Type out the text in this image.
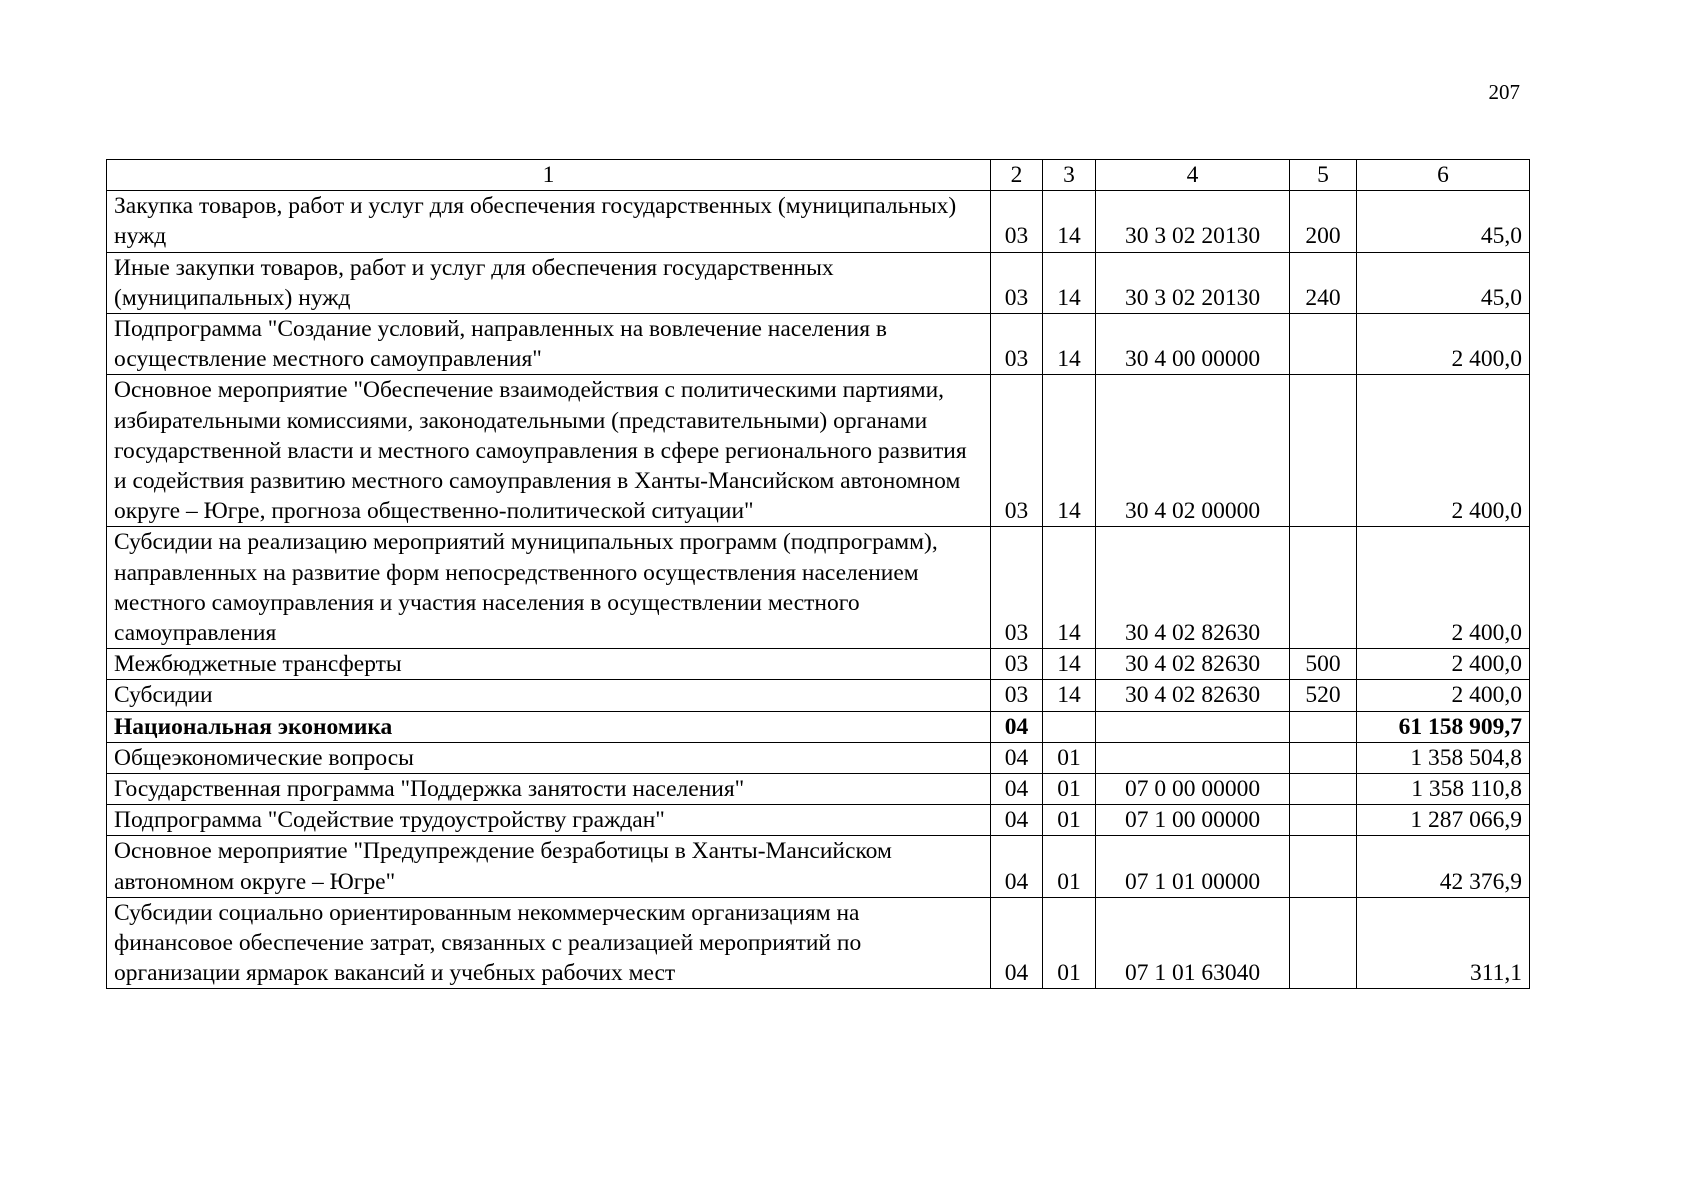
207
1	2	3	4	5	6
Закупка товаров, работ и услуг для обеспечения государственных (муниципальных) нужд	03	14	30 3 02 20130	200	45,0
Иные закупки товаров, работ и услуг для обеспечения государственных (муниципальных) нужд	03	14	30 3 02 20130	240	45,0
Подпрограмма "Создание условий, направленных на вовлечение населения в осуществление местного самоуправления"	03	14	30 4 00 00000		2 400,0
Основное мероприятие "Обеспечение взаимодействия с политическими партиями, избирательными комиссиями, законодательными (представительными) органами государственной власти и местного самоуправления в сфере регионального развития и содействия развитию местного самоуправления в Ханты-Мансийском автономном округе – Югре, прогноза общественно-политической ситуации"	03	14	30 4 02 00000		2 400,0
Субсидии на реализацию мероприятий муниципальных программ (подпрограмм), направленных на развитие форм непосредственного осуществления населением местного самоуправления и участия населения в осуществлении местного самоуправления	03	14	30 4 02 82630		2 400,0
Межбюджетные трансферты	03	14	30 4 02 82630	500	2 400,0
Субсидии	03	14	30 4 02 82630	520	2 400,0
Национальная экономика	04				61 158 909,7
Общеэкономические вопросы	04	01			1 358 504,8
Государственная программа "Поддержка занятости населения"	04	01	07 0 00 00000		1 358 110,8
Подпрограмма "Содействие трудоустройству граждан"	04	01	07 1 00 00000		1 287 066,9
Основное мероприятие "Предупреждение безработицы в Ханты-Мансийском автономном округе – Югре"	04	01	07 1 01 00000		42 376,9
Субсидии социально ориентированным некоммерческим организациям на финансовое обеспечение затрат, связанных с реализацией мероприятий по организации ярмарок вакансий и учебных рабочих мест	04	01	07 1 01 63040		311,1
